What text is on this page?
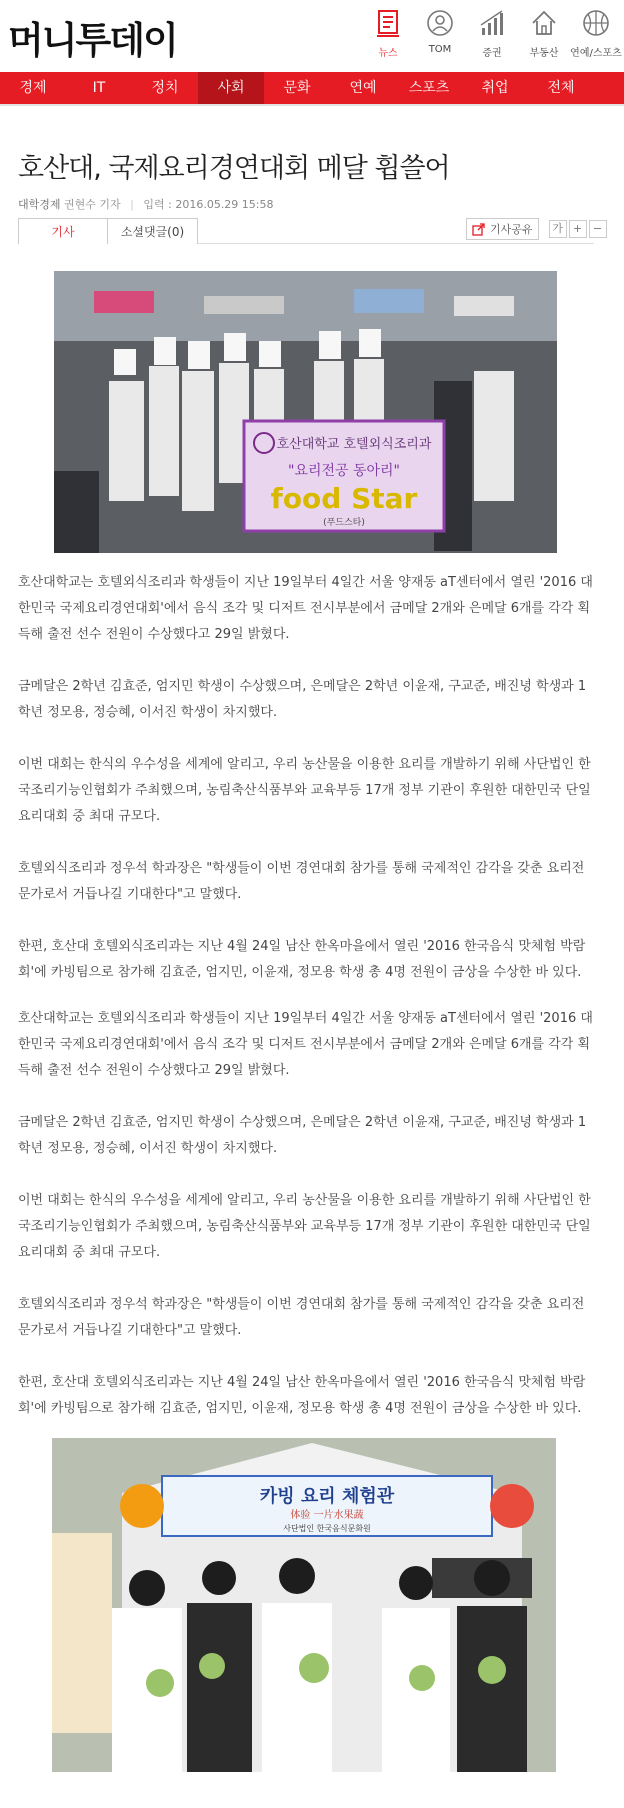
머니투데이	뉴스	TOM	증권	부동산	연예/스포츠
경제	IT	정치	사회	문화	연예	스포츠	취업	전체
호산대, 국제요리경연대회 메달 휩쓸어
대학경제 권현수 기자 | 입력 : 2016.05.29 15:58
기사	소셜댓글(0)	기사공유	가 + −
호산대학교 호텔외식조리과
"요리전공 동아리"
food Star
(푸드스타)

호산대학교는 호텔외식조리과 학생들이 지난 19일부터 4일간 서울 양재동 aT센터에서 열린 '2016 대한민국 국제요리경연대회'에서 음식 조각 및 디저트 전시부분에서 금메달 2개와 은메달 6개를 각각 획득해 출전 선수 전원이 수상했다고 29일 밝혔다.

금메달은 2학년 김효준, 엄지민 학생이 수상했으며, 은메달은 2학년 이윤재, 구교준, 배진녕 학생과 1학년 정모용, 정승혜, 이서진 학생이 차지했다.

이번 대회는 한식의 우수성을 세계에 알리고, 우리 농산물을 이용한 요리를 개발하기 위해 사단법인 한국조리기능인협회가 주최했으며, 농림축산식품부와 교육부등 17개 정부 기관이 후원한 대한민국 단일요리대회 중 최대 규모다.

호텔외식조리과 정우석 학과장은 "학생들이 이번 경연대회 참가를 통해 국제적인 감각을 갖춘 요리전문가로서 거듭나길 기대한다"고 말했다.

한편, 호산대 호텔외식조리과는 지난 4월 24일 남산 한옥마을에서 열린 '2016 한국음식 맛체험 박람회'에 카빙팀으로 참가해 김효준, 엄지민, 이윤재, 정모용 학생 총 4명 전원이 금상을 수상한 바 있다.

호산대학교는 호텔외식조리과 학생들이 지난 19일부터 4일간 서울 양재동 aT센터에서 열린 '2016 대한민국 국제요리경연대회'에서 음식 조각 및 디저트 전시부분에서 금메달 2개와 은메달 6개를 각각 획득해 출전 선수 전원이 수상했다고 29일 밝혔다.

금메달은 2학년 김효준, 엄지민 학생이 수상했으며, 은메달은 2학년 이윤재, 구교준, 배진녕 학생과 1학년 정모용, 정승혜, 이서진 학생이 차지했다.

이번 대회는 한식의 우수성을 세계에 알리고, 우리 농산물을 이용한 요리를 개발하기 위해 사단법인 한국조리기능인협회가 주최했으며, 농림축산식품부와 교육부등 17개 정부 기관이 후원한 대한민국 단일요리대회 중 최대 규모다.

호텔외식조리과 정우석 학과장은 "학생들이 이번 경연대회 참가를 통해 국제적인 감각을 갖춘 요리전문가로서 거듭나길 기대한다"고 말했다.

한편, 호산대 호텔외식조리과는 지난 4월 24일 남산 한옥마을에서 열린 '2016 한국음식 맛체험 박람회'에 카빙팀으로 참가해 김효준, 엄지민, 이윤재, 정모용 학생 총 4명 전원이 금상을 수상한 바 있다.

카빙 요리 체험관
体验 一片水果蔬
사단법인 한국음식문화원
